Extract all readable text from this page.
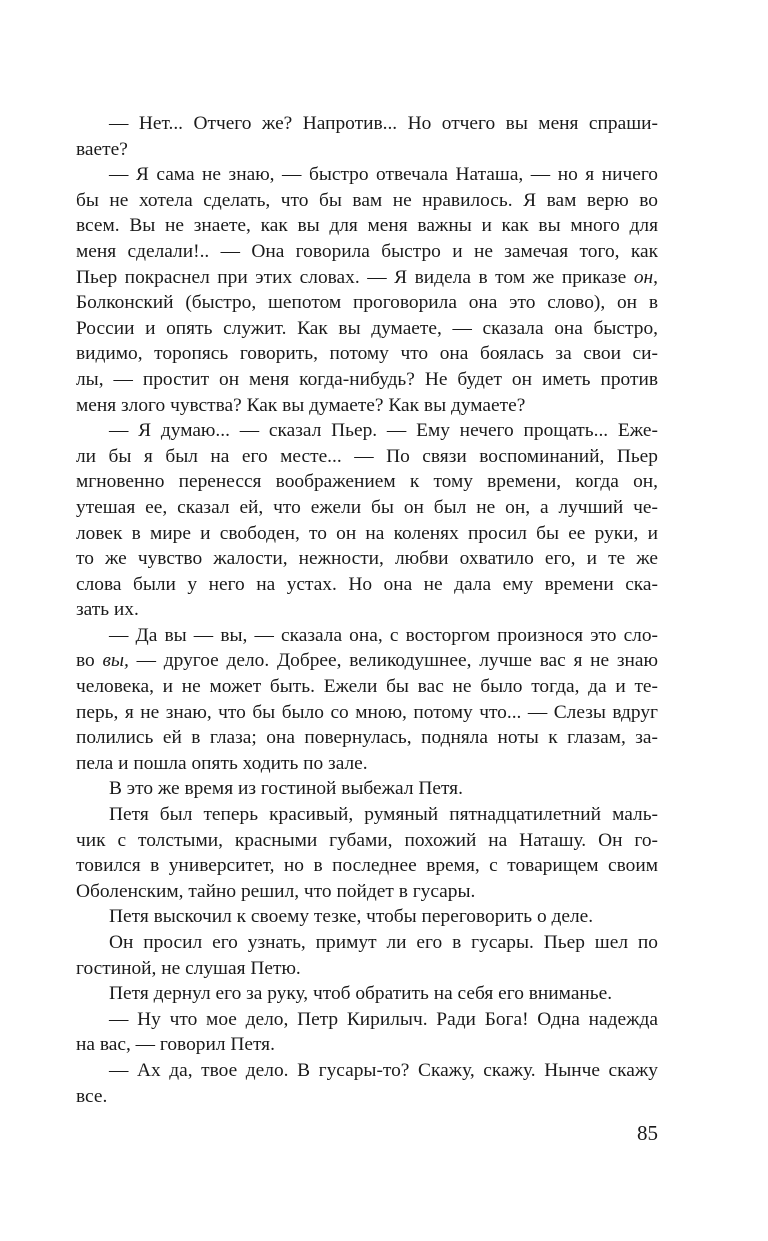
— Нет... Отчего же? Напротив... Но отчего вы меня спраши-
ваете?
— Я сама не знаю, — быстро отвечала Наташа, — но я ничего
бы не хотела сделать, что бы вам не нравилось. Я вам верю во
всем. Вы не знаете, как вы для меня важны и как вы много для
меня сделали!.. — Она говорила быстро и не замечая того, как
Пьер покраснел при этих словах. — Я видела в том же приказе он,
Болконский (быстро, шепотом проговорила она это слово), он в
России и опять служит. Как вы думаете, — сказала она быстро,
видимо, торопясь говорить, потому что она боялась за свои си-
лы, — простит он меня когда-нибудь? Не будет он иметь против
меня злого чувства? Как вы думаете? Как вы думаете?
— Я думаю... — сказал Пьер. — Ему нечего прощать... Еже-
ли бы я был на его месте... — По связи воспоминаний, Пьер
мгновенно перенесся воображением к тому времени, когда он,
утешая ее, сказал ей, что ежели бы он был не он, а лучший че-
ловек в мире и свободен, то он на коленях просил бы ее руки, и
то же чувство жалости, нежности, любви охватило его, и те же
слова были у него на устах. Но она не дала ему времени ска-
зать их.
— Да вы — вы, — сказала она, с восторгом произнося это сло-
во вы, — другое дело. Добрее, великодушнее, лучше вас я не знаю
человека, и не может быть. Ежели бы вас не было тогда, да и те-
перь, я не знаю, что бы было со мною, потому что... — Слезы вдруг
полились ей в глаза; она повернулась, подняла ноты к глазам, за-
пела и пошла опять ходить по зале.
В это же время из гостиной выбежал Петя.
Петя был теперь красивый, румяный пятнадцатилетний маль-
чик с толстыми, красными губами, похожий на Наташу. Он го-
товился в университет, но в последнее время, с товарищем своим
Оболенским, тайно решил, что пойдет в гусары.
Петя выскочил к своему тезке, чтобы переговорить о деле.
Он просил его узнать, примут ли его в гусары. Пьер шел по
гостиной, не слушая Петю.
Петя дернул его за руку, чтоб обратить на себя его вниманье.
— Ну что мое дело, Петр Кирилыч. Ради Бога! Одна надежда
на вас, — говорил Петя.
— Ах да, твое дело. В гусары-то? Скажу, скажу. Нынче скажу
все.
85
